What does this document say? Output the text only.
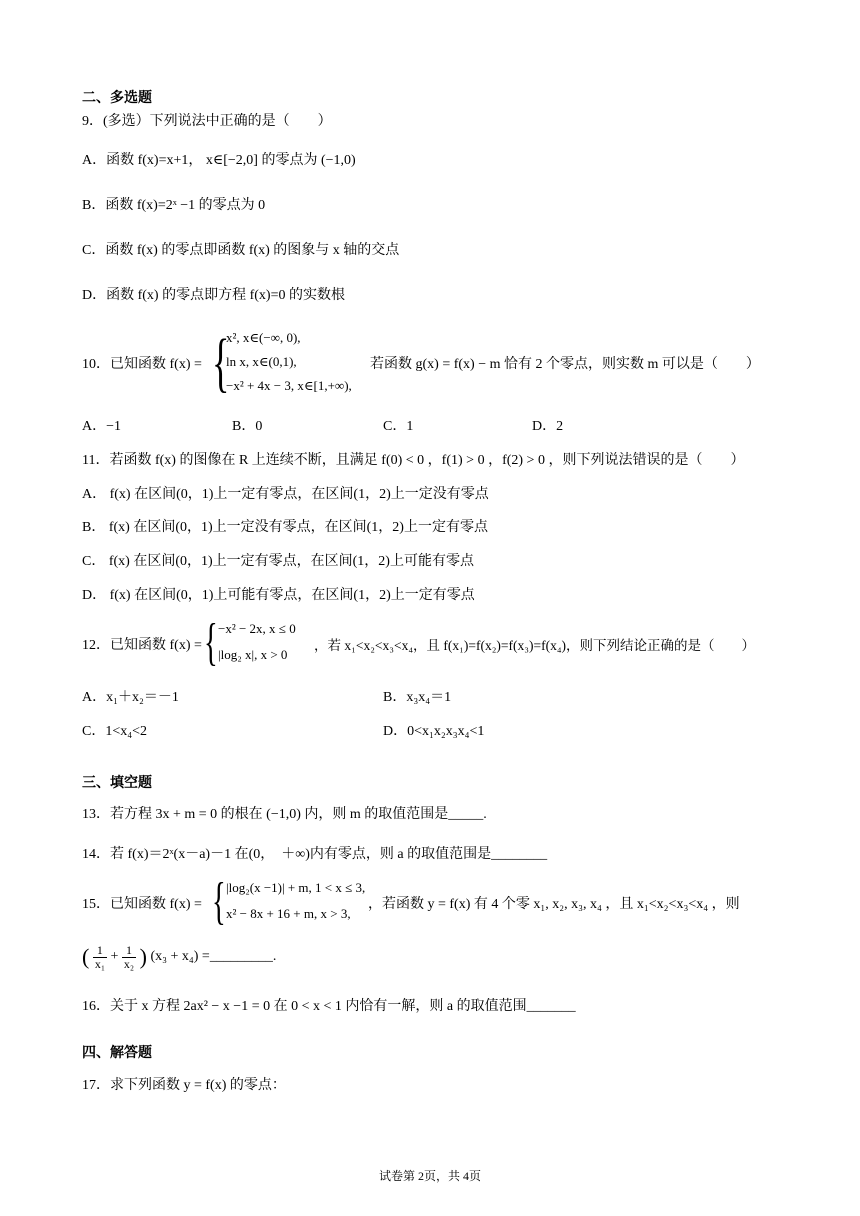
二、多选题
9．(多选）下列说法中正确的是（　　）
A．函数 f(x)=x+1， x∈[−2,0] 的零点为 (−1,0)
B．函数 f(x)=2ˣ −1 的零点为 0
C．函数 f(x) 的零点即函数 f(x) 的图象与 x 轴的交点
D．函数 f(x) 的零点即方程 f(x)=0 的实数根
10．已知函数 f(x) = {
x², x∈(−∞, 0),
ln x, x∈(0,1),
−x² + 4x − 3, x∈[1,+∞),
若函数 g(x) = f(x) − m 恰有 2 个零点，则实数 m 可以是（　　）
A．−1	B．0	C．1	D．2
11．若函数 f(x) 的图像在 R 上连续不断，且满足 f(0) < 0 ，f(1) > 0 ，f(2) > 0 ，则下列说法错误的是（　　）
A． f(x) 在区间(0，1)上一定有零点，在区间(1，2)上一定没有零点
B． f(x) 在区间(0，1)上一定没有零点，在区间(1，2)上一定有零点
C． f(x) 在区间(0，1)上一定有零点，在区间(1，2)上可能有零点
D． f(x) 在区间(0，1)上可能有零点，在区间(1，2)上一定有零点
12．已知函数 f(x) = { −x² − 2x, x ≤ 0
|log₂ x|, x > 0
，若 x₁<x₂<x₃<x₄，且 f(x₁)=f(x₂)=f(x₃)=f(x₄)，则下列结论正确的是（　　）
A．x₁＋x₂＝－1	B．x₃x₄＝1
C．1<x₄<2	D．0<x₁x₂x₃x₄<1
三、填空题
13．若方程 3x + m = 0 的根在 (−1,0) 内，则 m 的取值范围是_____.
14．若 f(x)＝2ˣ(x－a)－1 在(0，　＋∞)内有零点，则 a 的取值范围是________
15．已知函数 f(x) = { |log₂(x −1)| + m, 1 < x ≤ 3,
x² − 8x + 16 + m, x > 3,
，若函数 y = f(x) 有 4 个零 x₁, x₂, x₃, x₄ ，且 x₁<x₂<x₃<x₄ ，则
( $\frac{1}{\text{x₁}} + \frac{1}{\text{x₂}}$ ) (x₃ + x₄) =_________.
16．关于 x 方程 2ax² − x −1 = 0 在 0 < x < 1 内恰有一解，则 a 的取值范围_______
四、解答题
17．求下列函数 y = f(x) 的零点：
试卷第 2页，共 4页
